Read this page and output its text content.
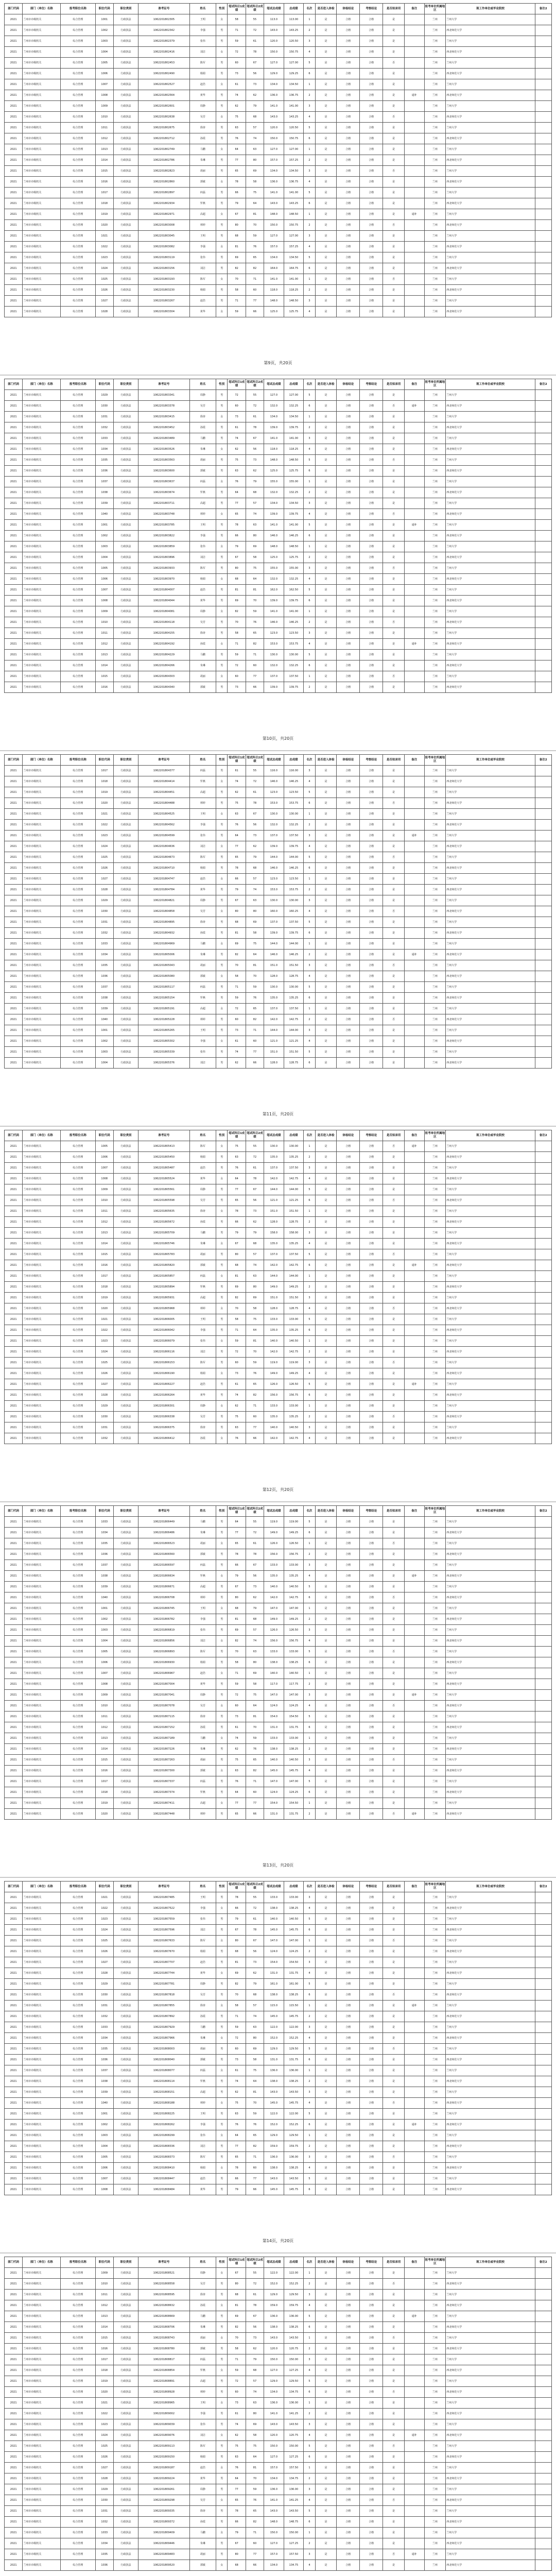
部门代码	部门（单位）名称	报考职位名称	职位代码	职位类别	准考证号	姓名	性别	笔试科目1成绩	笔试科目2成绩	笔试总成绩	总成绩	名次	是否进入体检	体检结论	考察结论	是否拟录用	备注	报考单位所属地区	现工作单位或毕业院校	备注2
2021	兰州市市级机关	综合管理	1001	行政执法	1062201802305	王明	女	58	55	113.0	113.00	1	是	合格	合格	是		兰州	兰州大学	
2021	兰州市市级机关	综合管理	1002	行政执法	1062201802342	李强	男	71	72	143.0	143.25	2	是	合格	合格	是		兰州	西北师范大学	
2021	兰州市市级机关	综合管理	1003	行政执法	1062201802379	张伟	男	59	61	120.0	120.50	3	是	合格	合格	是		兰州	兰州大学	
2021	兰州市市级机关	综合管理	1004	行政执法	1062201802416	刘洁	女	72	78	150.0	150.75	4	是	合格	合格	是		兰州	西北师范大学	
2021	兰州市市级机关	综合管理	1005	行政执法	1062201802453	陈军	男	60	67	127.0	127.00	5	是	合格	合格	否		兰州	兰州大学	
2021	兰州市市级机关	综合管理	1006	行政执法	1062201802490	杨娟	男	73	56	129.0	129.25	6	是	合格	合格	是		兰州	西北师范大学	
2021	兰州市市级机关	综合管理	1007	行政执法	1062201802527	赵浩	女	61	73	134.0	134.50	1	是	合格	合格	是		兰州	兰州大学	
2021	兰州市市级机关	综合管理	1008	行政执法	1062201802564	黄华	男	74	62	136.0	136.75	2	是	合格	合格	是	递补	兰州	西北师范大学	
2021	兰州市市级机关	综合管理	1009	行政执法	1062201802601	周静	男	62	79	141.0	141.00	3	是	合格	合格	是		兰州	兰州大学	
2021	兰州市市级机关	综合管理	1010	行政执法	1062201802638	吴芳	女	75	68	143.0	143.25	4	是	合格	合格	否		兰州	西北师范大学	
2021	兰州市市级机关	综合管理	1011	行政执法	1062201802675	徐涛	男	63	57	120.0	120.50	5	是	合格	合格	是		兰州	兰州大学	
2021	兰州市市级机关	综合管理	1012	行政执法	1062201802712	孙霞	男	76	74	150.0	150.75	6	是	合格	合格	是		兰州	西北师范大学	
2021	兰州市市级机关	综合管理	1013	行政执法	1062201802749	马鹏	女	64	63	127.0	127.00	1	是	合格	合格	是		兰州	兰州大学	
2021	兰州市市级机关	综合管理	1014	行政执法	1062201802786	朱琳	男	77	80	157.0	157.25	2	是	合格	合格	是		兰州	西北师范大学	
2021	兰州市市级机关	综合管理	1015	行政执法	1062201802823	胡丽	男	65	69	134.0	134.50	3	是	合格	合格	否		兰州	兰州大学	
2021	兰州市市级机关	综合管理	1016	行政执法	1062201802860	郭敏	女	78	58	136.0	136.75	4	是	合格	合格	是		兰州	西北师范大学	
2021	兰州市市级机关	综合管理	1017	行政执法	1062201802897	何磊	男	66	75	141.0	141.00	5	是	合格	合格	是		兰州	兰州大学	
2021	兰州市市级机关	综合管理	1018	行政执法	1062201802934	罗燕	男	79	64	143.0	143.25	6	是	合格	合格	是		兰州	西北师范大学	
2021	兰州市市级机关	综合管理	1019	行政执法	1062201802971	高超	女	67	81	148.0	148.50	1	是	合格	合格	是	递补	兰州	兰州大学	
2021	兰州市市级机关	综合管理	1020	行政执法	1062201803008	林婷	男	80	70	150.0	150.75	2	是	合格	合格	否		兰州	西北师范大学	
2021	兰州市市级机关	综合管理	1021	行政执法	1062201803045	王明	男	68	59	127.0	127.00	3	是	合格	合格	是		兰州	兰州大学	
2021	兰州市市级机关	综合管理	1022	行政执法	1062201803082	李强	女	81	76	157.0	157.25	4	是	合格	合格	是		兰州	西北师范大学	
2021	兰州市市级机关	综合管理	1023	行政执法	1062201803119	张伟	男	69	65	134.0	134.50	5	是	合格	合格	是		兰州	兰州大学	
2021	兰州市市级机关	综合管理	1024	行政执法	1062201803156	刘洁	男	82	82	164.0	164.75	6	是	合格	合格	是		兰州	西北师范大学	
2021	兰州市市级机关	综合管理	1025	行政执法	1062201803193	陈军	女	70	71	141.0	141.00	1	是	合格	合格	否		兰州	兰州大学	
2021	兰州市市级机关	综合管理	1026	行政执法	1062201803230	杨娟	男	58	60	118.0	118.25	2	是	合格	合格	是		兰州	西北师范大学	
2021	兰州市市级机关	综合管理	1027	行政执法	1062201803267	赵浩	男	71	77	148.0	148.50	3	是	合格	合格	是		兰州	兰州大学	
2021	兰州市市级机关	综合管理	1028	行政执法	1062201803304	黄华	女	59	66	125.0	125.75	4	是	合格	合格	是		兰州	西北师范大学	
第9页，共20页
部门代码	部门（单位）名称	报考职位名称	职位代码	职位类别	准考证号	姓名	性别	笔试科目1成绩	笔试科目2成绩	笔试总成绩	总成绩	名次	是否进入体检	体检结论	考察结论	是否拟录用	备注	报考单位所属地区	现工作单位或毕业院校	备注2
2021	兰州市市级机关	综合管理	1029	行政执法	1062201803341	周静	男	72	55	127.0	127.00	5	是	合格	合格	是		兰州	兰州大学	
2021	兰州市市级机关	综合管理	1030	行政执法	1062201803378	吴芳	男	60	72	132.0	132.25	6	是	合格	合格	否	递补	兰州	西北师范大学	
2021	兰州市市级机关	综合管理	1031	行政执法	1062201803415	徐涛	女	73	61	134.0	134.50	1	是	合格	合格	是		兰州	兰州大学	
2021	兰州市市级机关	综合管理	1032	行政执法	1062201803452	孙霞	男	61	78	139.0	139.75	2	是	合格	合格	是		兰州	西北师范大学	
2021	兰州市市级机关	综合管理	1033	行政执法	1062201803489	马鹏	男	74	67	141.0	141.00	3	是	合格	合格	是		兰州	兰州大学	
2021	兰州市市级机关	综合管理	1034	行政执法	1062201803526	朱琳	女	62	56	118.0	118.25	4	是	合格	合格	是		兰州	西北师范大学	
2021	兰州市市级机关	综合管理	1035	行政执法	1062201803563	胡丽	男	75	73	148.0	148.50	5	是	合格	合格	否		兰州	兰州大学	
2021	兰州市市级机关	综合管理	1036	行政执法	1062201803600	郭敏	男	63	62	125.0	125.75	6	是	合格	合格	是		兰州	西北师范大学	
2021	兰州市市级机关	综合管理	1037	行政执法	1062201803637	何磊	女	76	79	155.0	155.00	1	是	合格	合格	是		兰州	兰州大学	
2021	兰州市市级机关	综合管理	1038	行政执法	1062201803674	罗燕	男	64	68	132.0	132.25	2	是	合格	合格	是		兰州	西北师范大学	
2021	兰州市市级机关	综合管理	1039	行政执法	1062201803711	高超	男	77	57	134.0	134.50	3	是	合格	合格	是		兰州	兰州大学	
2021	兰州市市级机关	综合管理	1040	行政执法	1062201803748	林婷	女	65	74	139.0	139.75	4	是	合格	合格	否		兰州	西北师范大学	
2021	兰州市市级机关	综合管理	1001	行政执法	1062201803785	王明	男	78	63	141.0	141.00	5	是	合格	合格	是	递补	兰州	兰州大学	
2021	兰州市市级机关	综合管理	1002	行政执法	1062201803822	李强	男	66	80	146.0	146.25	6	是	合格	合格	是		兰州	西北师范大学	
2021	兰州市市级机关	综合管理	1003	行政执法	1062201803859	张伟	女	79	69	148.0	148.50	1	是	合格	合格	是		兰州	兰州大学	
2021	兰州市市级机关	综合管理	1004	行政执法	1062201803896	刘洁	男	67	58	125.0	125.75	2	是	合格	合格	是		兰州	西北师范大学	
2021	兰州市市级机关	综合管理	1005	行政执法	1062201803933	陈军	男	80	75	155.0	155.00	3	是	合格	合格	否		兰州	兰州大学	
2021	兰州市市级机关	综合管理	1006	行政执法	1062201803970	杨娟	女	68	64	132.0	132.25	4	是	合格	合格	是		兰州	西北师范大学	
2021	兰州市市级机关	综合管理	1007	行政执法	1062201804007	赵浩	男	81	81	162.0	162.50	5	是	合格	合格	是		兰州	兰州大学	
2021	兰州市市级机关	综合管理	1008	行政执法	1062201804044	黄华	男	69	70	139.0	139.75	6	是	合格	合格	是		兰州	西北师范大学	
2021	兰州市市级机关	综合管理	1009	行政执法	1062201804081	周静	女	82	59	141.0	141.00	1	是	合格	合格	是		兰州	兰州大学	
2021	兰州市市级机关	综合管理	1010	行政执法	1062201804118	吴芳	男	70	76	146.0	146.25	2	是	合格	合格	否		兰州	西北师范大学	
2021	兰州市市级机关	综合管理	1011	行政执法	1062201804155	徐涛	男	58	65	123.0	123.50	3	是	合格	合格	是		兰州	兰州大学	
2021	兰州市市级机关	综合管理	1012	行政执法	1062201804192	孙霞	女	71	82	153.0	153.75	4	是	合格	合格	是	递补	兰州	西北师范大学	
2021	兰州市市级机关	综合管理	1013	行政执法	1062201804229	马鹏	男	59	71	130.0	130.00	5	是	合格	合格	是		兰州	兰州大学	
2021	兰州市市级机关	综合管理	1014	行政执法	1062201804266	朱琳	男	72	60	132.0	132.25	6	是	合格	合格	是		兰州	西北师范大学	
2021	兰州市市级机关	综合管理	1015	行政执法	1062201804303	胡丽	女	60	77	137.0	137.50	1	是	合格	合格	否		兰州	兰州大学	
2021	兰州市市级机关	综合管理	1016	行政执法	1062201804340	郭敏	男	73	66	139.0	139.75	2	是	合格	合格	是		兰州	西北师范大学	
第10页，共20页
部门代码	部门（单位）名称	报考职位名称	职位代码	职位类别	准考证号	姓名	性别	笔试科目1成绩	笔试科目2成绩	笔试总成绩	总成绩	名次	是否进入体检	体检结论	考察结论	是否拟录用	备注	报考单位所属地区	现工作单位或毕业院校	备注2
2021	兰州市市级机关	综合管理	1017	行政执法	1062201804377	何磊	男	61	55	116.0	116.00	3	是	合格	合格	是		兰州	兰州大学	
2021	兰州市市级机关	综合管理	1018	行政执法	1062201804414	罗燕	女	74	72	146.0	146.25	4	是	合格	合格	是		兰州	西北师范大学	
2021	兰州市市级机关	综合管理	1019	行政执法	1062201804451	高超	男	62	61	123.0	123.50	5	是	合格	合格	是		兰州	兰州大学	
2021	兰州市市级机关	综合管理	1020	行政执法	1062201804488	林婷	男	75	78	153.0	153.75	6	是	合格	合格	否		兰州	西北师范大学	
2021	兰州市市级机关	综合管理	1021	行政执法	1062201804525	王明	女	63	67	130.0	130.00	1	是	合格	合格	是		兰州	兰州大学	
2021	兰州市市级机关	综合管理	1022	行政执法	1062201804562	李强	男	76	56	132.0	132.25	2	是	合格	合格	是		兰州	西北师范大学	
2021	兰州市市级机关	综合管理	1023	行政执法	1062201804599	张伟	男	64	73	137.0	137.50	3	是	合格	合格	是	递补	兰州	兰州大学	
2021	兰州市市级机关	综合管理	1024	行政执法	1062201804636	刘洁	女	77	62	139.0	139.75	4	是	合格	合格	是		兰州	西北师范大学	
2021	兰州市市级机关	综合管理	1025	行政执法	1062201804673	陈军	男	65	79	144.0	144.00	5	是	合格	合格	否		兰州	兰州大学	
2021	兰州市市级机关	综合管理	1026	行政执法	1062201804710	杨娟	男	78	68	146.0	146.25	6	是	合格	合格	是		兰州	西北师范大学	
2021	兰州市市级机关	综合管理	1027	行政执法	1062201804747	赵浩	女	66	57	123.0	123.50	1	是	合格	合格	是		兰州	兰州大学	
2021	兰州市市级机关	综合管理	1028	行政执法	1062201804784	黄华	男	79	74	153.0	153.75	2	是	合格	合格	是		兰州	西北师范大学	
2021	兰州市市级机关	综合管理	1029	行政执法	1062201804821	周静	男	67	63	130.0	130.00	3	是	合格	合格	是		兰州	兰州大学	
2021	兰州市市级机关	综合管理	1030	行政执法	1062201804858	吴芳	女	80	80	160.0	160.25	4	是	合格	合格	否		兰州	西北师范大学	
2021	兰州市市级机关	综合管理	1031	行政执法	1062201804895	徐涛	男	68	69	137.0	137.50	5	是	合格	合格	是		兰州	兰州大学	
2021	兰州市市级机关	综合管理	1032	行政执法	1062201804932	孙霞	男	81	58	139.0	139.75	6	是	合格	合格	是		兰州	西北师范大学	
2021	兰州市市级机关	综合管理	1033	行政执法	1062201804969	马鹏	女	69	75	144.0	144.00	1	是	合格	合格	是		兰州	兰州大学	
2021	兰州市市级机关	综合管理	1034	行政执法	1062201805006	朱琳	男	82	64	146.0	146.25	2	是	合格	合格	是	递补	兰州	西北师范大学	
2021	兰州市市级机关	综合管理	1035	行政执法	1062201805043	胡丽	男	70	81	151.0	151.50	3	是	合格	合格	否		兰州	兰州大学	
2021	兰州市市级机关	综合管理	1036	行政执法	1062201805080	郭敏	女	58	70	128.0	128.75	4	是	合格	合格	是		兰州	西北师范大学	
2021	兰州市市级机关	综合管理	1037	行政执法	1062201805117	何磊	男	71	59	130.0	130.00	5	是	合格	合格	是		兰州	兰州大学	
2021	兰州市市级机关	综合管理	1038	行政执法	1062201805154	罗燕	男	59	76	135.0	135.25	6	是	合格	合格	是		兰州	西北师范大学	
2021	兰州市市级机关	综合管理	1039	行政执法	1062201805191	高超	女	72	65	137.0	137.50	1	是	合格	合格	是		兰州	兰州大学	
2021	兰州市市级机关	综合管理	1040	行政执法	1062201805228	林婷	男	60	82	142.0	142.75	2	是	合格	合格	否		兰州	西北师范大学	
2021	兰州市市级机关	综合管理	1001	行政执法	1062201805265	王明	男	73	71	144.0	144.00	3	是	合格	合格	是		兰州	兰州大学	
2021	兰州市市级机关	综合管理	1002	行政执法	1062201805302	李强	女	61	60	121.0	121.25	4	是	合格	合格	是		兰州	西北师范大学	
2021	兰州市市级机关	综合管理	1003	行政执法	1062201805339	张伟	男	74	77	151.0	151.50	5	是	合格	合格	是		兰州	兰州大学	
2021	兰州市市级机关	综合管理	1004	行政执法	1062201805376	刘洁	男	62	66	128.0	128.75	6	是	合格	合格	是		兰州	西北师范大学	
第11页，共20页
部门代码	部门（单位）名称	报考职位名称	职位代码	职位类别	准考证号	姓名	性别	笔试科目1成绩	笔试科目2成绩	笔试总成绩	总成绩	名次	是否进入体检	体检结论	考察结论	是否拟录用	备注	报考单位所属地区	现工作单位或毕业院校	备注2
2021	兰州市市级机关	综合管理	1005	行政执法	1062201805413	陈军	女	75	55	130.0	130.00	1	是	合格	合格	否	递补	兰州	兰州大学	
2021	兰州市市级机关	综合管理	1006	行政执法	1062201805450	杨娟	男	63	72	135.0	135.25	2	是	合格	合格	是		兰州	西北师范大学	
2021	兰州市市级机关	综合管理	1007	行政执法	1062201805487	赵浩	男	76	61	137.0	137.50	3	是	合格	合格	是		兰州	兰州大学	
2021	兰州市市级机关	综合管理	1008	行政执法	1062201805524	黄华	女	64	78	142.0	142.75	4	是	合格	合格	是		兰州	西北师范大学	
2021	兰州市市级机关	综合管理	1009	行政执法	1062201805561	周静	男	77	67	144.0	144.00	5	是	合格	合格	是		兰州	兰州大学	
2021	兰州市市级机关	综合管理	1010	行政执法	1062201805598	吴芳	男	65	56	121.0	121.25	6	是	合格	合格	否		兰州	西北师范大学	
2021	兰州市市级机关	综合管理	1011	行政执法	1062201805635	徐涛	女	78	73	151.0	151.50	1	是	合格	合格	是		兰州	兰州大学	
2021	兰州市市级机关	综合管理	1012	行政执法	1062201805672	孙霞	男	66	62	128.0	128.75	2	是	合格	合格	是		兰州	西北师范大学	
2021	兰州市市级机关	综合管理	1013	行政执法	1062201805709	马鹏	男	79	79	158.0	158.00	3	是	合格	合格	是		兰州	兰州大学	
2021	兰州市市级机关	综合管理	1014	行政执法	1062201805746	朱琳	女	67	68	135.0	135.25	4	是	合格	合格	是		兰州	西北师范大学	
2021	兰州市市级机关	综合管理	1015	行政执法	1062201805783	胡丽	男	80	57	137.0	137.50	5	是	合格	合格	否		兰州	兰州大学	
2021	兰州市市级机关	综合管理	1016	行政执法	1062201805820	郭敏	男	68	74	142.0	142.75	6	是	合格	合格	是	递补	兰州	西北师范大学	
2021	兰州市市级机关	综合管理	1017	行政执法	1062201805857	何磊	女	81	63	144.0	144.00	1	是	合格	合格	是		兰州	兰州大学	
2021	兰州市市级机关	综合管理	1018	行政执法	1062201805894	罗燕	男	69	80	149.0	149.25	2	是	合格	合格	是		兰州	西北师范大学	
2021	兰州市市级机关	综合管理	1019	行政执法	1062201805931	高超	男	82	69	151.0	151.50	3	是	合格	合格	是		兰州	兰州大学	
2021	兰州市市级机关	综合管理	1020	行政执法	1062201805968	林婷	女	70	58	128.0	128.75	4	是	合格	合格	否		兰州	西北师范大学	
2021	兰州市市级机关	综合管理	1021	行政执法	1062201806005	王明	男	58	75	133.0	133.00	5	是	合格	合格	是		兰州	兰州大学	
2021	兰州市市级机关	综合管理	1022	行政执法	1062201806042	李强	男	71	64	135.0	135.25	6	是	合格	合格	是		兰州	西北师范大学	
2021	兰州市市级机关	综合管理	1023	行政执法	1062201806079	张伟	女	59	81	140.0	140.50	1	是	合格	合格	是		兰州	兰州大学	
2021	兰州市市级机关	综合管理	1024	行政执法	1062201806116	刘洁	男	72	70	142.0	142.75	2	是	合格	合格	是		兰州	西北师范大学	
2021	兰州市市级机关	综合管理	1025	行政执法	1062201806153	陈军	男	60	59	119.0	119.00	3	是	合格	合格	否		兰州	兰州大学	
2021	兰州市市级机关	综合管理	1026	行政执法	1062201806190	杨娟	女	73	76	149.0	149.25	4	是	合格	合格	是		兰州	西北师范大学	
2021	兰州市市级机关	综合管理	1027	行政执法	1062201806227	赵浩	男	61	65	126.0	126.50	5	是	合格	合格	是	递补	兰州	兰州大学	
2021	兰州市市级机关	综合管理	1028	行政执法	1062201806264	黄华	男	74	82	156.0	156.75	6	是	合格	合格	是		兰州	西北师范大学	
2021	兰州市市级机关	综合管理	1029	行政执法	1062201806301	周静	女	62	71	133.0	133.00	1	是	合格	合格	是		兰州	兰州大学	
2021	兰州市市级机关	综合管理	1030	行政执法	1062201806338	吴芳	男	75	60	135.0	135.25	2	是	合格	合格	否		兰州	西北师范大学	
2021	兰州市市级机关	综合管理	1031	行政执法	1062201806375	徐涛	男	63	77	140.0	140.50	3	是	合格	合格	是		兰州	兰州大学	
2021	兰州市市级机关	综合管理	1032	行政执法	1062201806412	孙霞	女	76	66	142.0	142.75	4	是	合格	合格	是		兰州	西北师范大学	
第12页，共20页
部门代码	部门（单位）名称	报考职位名称	职位代码	职位类别	准考证号	姓名	性别	笔试科目1成绩	笔试科目2成绩	笔试总成绩	总成绩	名次	是否进入体检	体检结论	考察结论	是否拟录用	备注	报考单位所属地区	现工作单位或毕业院校	备注2
2021	兰州市市级机关	综合管理	1033	行政执法	1062201806449	马鹏	男	64	55	119.0	119.00	5	是	合格	合格	是		兰州	兰州大学	
2021	兰州市市级机关	综合管理	1034	行政执法	1062201806486	朱琳	男	77	72	149.0	149.25	6	是	合格	合格	是		兰州	西北师范大学	
2021	兰州市市级机关	综合管理	1035	行政执法	1062201806523	胡丽	女	65	61	126.0	126.50	1	是	合格	合格	否		兰州	兰州大学	
2021	兰州市市级机关	综合管理	1036	行政执法	1062201806560	郭敏	男	78	78	156.0	156.75	2	是	合格	合格	是		兰州	西北师范大学	
2021	兰州市市级机关	综合管理	1037	行政执法	1062201806597	何磊	男	66	67	133.0	133.00	3	是	合格	合格	是		兰州	兰州大学	
2021	兰州市市级机关	综合管理	1038	行政执法	1062201806634	罗燕	女	79	56	135.0	135.25	4	是	合格	合格	是	递补	兰州	西北师范大学	
2021	兰州市市级机关	综合管理	1039	行政执法	1062201806671	高超	男	67	73	140.0	140.50	5	是	合格	合格	是		兰州	兰州大学	
2021	兰州市市级机关	综合管理	1040	行政执法	1062201806708	林婷	男	80	62	142.0	142.75	6	是	合格	合格	否		兰州	西北师范大学	
2021	兰州市市级机关	综合管理	1001	行政执法	1062201806745	王明	女	68	79	147.0	147.00	1	是	合格	合格	是		兰州	兰州大学	
2021	兰州市市级机关	综合管理	1002	行政执法	1062201806782	李强	男	81	68	149.0	149.25	2	是	合格	合格	是		兰州	西北师范大学	
2021	兰州市市级机关	综合管理	1003	行政执法	1062201806819	张伟	男	69	57	126.0	126.50	3	是	合格	合格	是		兰州	兰州大学	
2021	兰州市市级机关	综合管理	1004	行政执法	1062201806856	刘洁	女	82	74	156.0	156.75	4	是	合格	合格	是		兰州	西北师范大学	
2021	兰州市市级机关	综合管理	1005	行政执法	1062201806893	陈军	男	70	63	133.0	133.00	5	是	合格	合格	否		兰州	兰州大学	
2021	兰州市市级机关	综合管理	1006	行政执法	1062201806930	杨娟	男	58	80	138.0	138.25	6	是	合格	合格	是		兰州	西北师范大学	
2021	兰州市市级机关	综合管理	1007	行政执法	1062201806967	赵浩	女	71	69	140.0	140.50	1	是	合格	合格	是		兰州	兰州大学	
2021	兰州市市级机关	综合管理	1008	行政执法	1062201807004	黄华	男	59	58	117.0	117.75	2	是	合格	合格	是		兰州	西北师范大学	
2021	兰州市市级机关	综合管理	1009	行政执法	1062201807041	周静	男	72	75	147.0	147.00	3	是	合格	合格	是	递补	兰州	兰州大学	
2021	兰州市市级机关	综合管理	1010	行政执法	1062201807078	吴芳	女	60	64	124.0	124.25	4	是	合格	合格	否		兰州	西北师范大学	
2021	兰州市市级机关	综合管理	1011	行政执法	1062201807115	徐涛	男	73	81	154.0	154.50	5	是	合格	合格	是		兰州	兰州大学	
2021	兰州市市级机关	综合管理	1012	行政执法	1062201807152	孙霞	男	61	70	131.0	131.75	6	是	合格	合格	是		兰州	西北师范大学	
2021	兰州市市级机关	综合管理	1013	行政执法	1062201807189	马鹏	女	74	59	133.0	133.00	1	是	合格	合格	是		兰州	兰州大学	
2021	兰州市市级机关	综合管理	1014	行政执法	1062201807226	朱琳	男	62	76	138.0	138.25	2	是	合格	合格	是		兰州	西北师范大学	
2021	兰州市市级机关	综合管理	1015	行政执法	1062201807263	胡丽	男	75	65	140.0	140.50	3	是	合格	合格	否		兰州	兰州大学	
2021	兰州市市级机关	综合管理	1016	行政执法	1062201807300	郭敏	女	63	82	145.0	145.75	4	是	合格	合格	是		兰州	西北师范大学	
2021	兰州市市级机关	综合管理	1017	行政执法	1062201807337	何磊	男	76	71	147.0	147.00	5	是	合格	合格	是		兰州	兰州大学	
2021	兰州市市级机关	综合管理	1018	行政执法	1062201807374	罗燕	男	64	60	124.0	124.25	6	是	合格	合格	是		兰州	西北师范大学	
2021	兰州市市级机关	综合管理	1019	行政执法	1062201807411	高超	女	77	77	154.0	154.50	1	是	合格	合格	是		兰州	兰州大学	
2021	兰州市市级机关	综合管理	1020	行政执法	1062201807448	林婷	男	65	66	131.0	131.75	2	是	合格	合格	否	递补	兰州	西北师范大学	
第13页，共20页
部门代码	部门（单位）名称	报考职位名称	职位代码	职位类别	准考证号	姓名	性别	笔试科目1成绩	笔试科目2成绩	笔试总成绩	总成绩	名次	是否进入体检	体检结论	考察结论	是否拟录用	备注	报考单位所属地区	现工作单位或毕业院校	备注2
2021	兰州市市级机关	综合管理	1021	行政执法	1062201807485	王明	男	78	55	133.0	133.00	3	是	合格	合格	是		兰州	兰州大学	
2021	兰州市市级机关	综合管理	1022	行政执法	1062201807522	李强	女	66	72	138.0	138.25	4	是	合格	合格	是		兰州	西北师范大学	
2021	兰州市市级机关	综合管理	1023	行政执法	1062201807559	张伟	男	79	61	140.0	140.50	5	是	合格	合格	是		兰州	兰州大学	
2021	兰州市市级机关	综合管理	1024	行政执法	1062201807596	刘洁	男	67	78	145.0	145.75	6	是	合格	合格	是		兰州	西北师范大学	
2021	兰州市市级机关	综合管理	1025	行政执法	1062201807633	陈军	女	80	67	147.0	147.00	1	是	合格	合格	否		兰州	兰州大学	
2021	兰州市市级机关	综合管理	1026	行政执法	1062201807670	杨娟	男	68	56	124.0	124.25	2	是	合格	合格	是		兰州	西北师范大学	
2021	兰州市市级机关	综合管理	1027	行政执法	1062201807707	赵浩	男	81	73	154.0	154.50	3	是	合格	合格	是		兰州	兰州大学	
2021	兰州市市级机关	综合管理	1028	行政执法	1062201807744	黄华	女	69	62	131.0	131.75	4	是	合格	合格	是		兰州	西北师范大学	
2021	兰州市市级机关	综合管理	1029	行政执法	1062201807781	周静	男	82	79	161.0	161.00	5	是	合格	合格	是		兰州	兰州大学	
2021	兰州市市级机关	综合管理	1030	行政执法	1062201807818	吴芳	男	70	68	138.0	138.25	6	是	合格	合格	否		兰州	西北师范大学	
2021	兰州市市级机关	综合管理	1031	行政执法	1062201807855	徐涛	女	58	57	115.0	115.50	1	是	合格	合格	是	递补	兰州	兰州大学	
2021	兰州市市级机关	综合管理	1032	行政执法	1062201807892	孙霞	男	71	74	145.0	145.75	2	是	合格	合格	是		兰州	西北师范大学	
2021	兰州市市级机关	综合管理	1033	行政执法	1062201807929	马鹏	男	59	63	122.0	122.00	3	是	合格	合格	是		兰州	兰州大学	
2021	兰州市市级机关	综合管理	1034	行政执法	1062201807966	朱琳	女	72	80	152.0	152.25	4	是	合格	合格	是		兰州	西北师范大学	
2021	兰州市市级机关	综合管理	1035	行政执法	1062201808003	胡丽	男	60	69	129.0	129.50	5	是	合格	合格	否		兰州	兰州大学	
2021	兰州市市级机关	综合管理	1036	行政执法	1062201808040	郭敏	男	73	58	131.0	131.75	6	是	合格	合格	是		兰州	西北师范大学	
2021	兰州市市级机关	综合管理	1037	行政执法	1062201808077	何磊	女	61	75	136.0	136.00	1	是	合格	合格	是		兰州	兰州大学	
2021	兰州市市级机关	综合管理	1038	行政执法	1062201808114	罗燕	男	74	64	138.0	138.25	2	是	合格	合格	是		兰州	西北师范大学	
2021	兰州市市级机关	综合管理	1039	行政执法	1062201808151	高超	男	62	81	143.0	143.50	3	是	合格	合格	是		兰州	兰州大学	
2021	兰州市市级机关	综合管理	1040	行政执法	1062201808188	林婷	女	75	70	145.0	145.75	4	是	合格	合格	否		兰州	西北师范大学	
2021	兰州市市级机关	综合管理	1001	行政执法	1062201808225	王明	男	63	59	122.0	122.00	5	是	合格	合格	是		兰州	兰州大学	
2021	兰州市市级机关	综合管理	1002	行政执法	1062201808262	李强	男	76	76	152.0	152.25	6	是	合格	合格	是	递补	兰州	西北师范大学	
2021	兰州市市级机关	综合管理	1003	行政执法	1062201808299	张伟	女	64	65	129.0	129.50	1	是	合格	合格	是		兰州	兰州大学	
2021	兰州市市级机关	综合管理	1004	行政执法	1062201808336	刘洁	男	77	82	159.0	159.75	2	是	合格	合格	是		兰州	西北师范大学	
2021	兰州市市级机关	综合管理	1005	行政执法	1062201808373	陈军	男	65	71	136.0	136.00	3	是	合格	合格	否		兰州	兰州大学	
2021	兰州市市级机关	综合管理	1006	行政执法	1062201808410	杨娟	女	78	60	138.0	138.25	4	是	合格	合格	是		兰州	西北师范大学	
2021	兰州市市级机关	综合管理	1007	行政执法	1062201808447	赵浩	男	66	77	143.0	143.50	5	是	合格	合格	是		兰州	兰州大学	
2021	兰州市市级机关	综合管理	1008	行政执法	1062201808484	黄华	男	79	66	145.0	145.75	6	是	合格	合格	是		兰州	西北师范大学	
第14页，共20页
部门代码	部门（单位）名称	报考职位名称	职位代码	职位类别	准考证号	姓名	性别	笔试科目1成绩	笔试科目2成绩	笔试总成绩	总成绩	名次	是否进入体检	体检结论	考察结论	是否拟录用	备注	报考单位所属地区	现工作单位或毕业院校	备注2
2021	兰州市市级机关	综合管理	1009	行政执法	1062201808521	周静	女	67	55	122.0	122.00	1	是	合格	合格	是		兰州	兰州大学	
2021	兰州市市级机关	综合管理	1010	行政执法	1062201808558	吴芳	男	80	72	152.0	152.25	2	是	合格	合格	否		兰州	西北师范大学	
2021	兰州市市级机关	综合管理	1011	行政执法	1062201808595	徐涛	男	68	61	129.0	129.50	3	是	合格	合格	是		兰州	兰州大学	
2021	兰州市市级机关	综合管理	1012	行政执法	1062201808632	孙霞	女	81	78	159.0	159.75	4	是	合格	合格	是		兰州	西北师范大学	
2021	兰州市市级机关	综合管理	1013	行政执法	1062201808669	马鹏	男	69	67	136.0	136.00	5	是	合格	合格	是	递补	兰州	兰州大学	
2021	兰州市市级机关	综合管理	1014	行政执法	1062201808706	朱琳	男	82	56	138.0	138.25	6	是	合格	合格	是		兰州	西北师范大学	
2021	兰州市市级机关	综合管理	1015	行政执法	1062201808743	胡丽	女	70	73	143.0	143.50	1	是	合格	合格	否		兰州	兰州大学	
2021	兰州市市级机关	综合管理	1016	行政执法	1062201808780	郭敏	男	58	62	120.0	120.75	2	是	合格	合格	是		兰州	西北师范大学	
2021	兰州市市级机关	综合管理	1017	行政执法	1062201808817	何磊	男	71	79	150.0	150.00	3	是	合格	合格	是		兰州	兰州大学	
2021	兰州市市级机关	综合管理	1018	行政执法	1062201808854	罗燕	女	59	68	127.0	127.25	4	是	合格	合格	是		兰州	西北师范大学	
2021	兰州市市级机关	综合管理	1019	行政执法	1062201808891	高超	男	72	57	129.0	129.50	5	是	合格	合格	是		兰州	兰州大学	
2021	兰州市市级机关	综合管理	1020	行政执法	1062201808928	林婷	男	60	74	134.0	134.75	6	是	合格	合格	否		兰州	西北师范大学	
2021	兰州市市级机关	综合管理	1021	行政执法	1062201808965	王明	女	73	63	136.0	136.00	1	是	合格	合格	是		兰州	兰州大学	
2021	兰州市市级机关	综合管理	1022	行政执法	1062201809002	李强	男	61	80	141.0	141.25	2	是	合格	合格	是		兰州	西北师范大学	
2021	兰州市市级机关	综合管理	1023	行政执法	1062201809039	张伟	男	74	69	143.0	143.50	3	是	合格	合格	是		兰州	兰州大学	
2021	兰州市市级机关	综合管理	1024	行政执法	1062201809076	刘洁	女	62	58	120.0	120.75	4	是	合格	合格	是	递补	兰州	西北师范大学	
2021	兰州市市级机关	综合管理	1025	行政执法	1062201809113	陈军	男	75	75	150.0	150.00	5	是	合格	合格	否		兰州	兰州大学	
2021	兰州市市级机关	综合管理	1026	行政执法	1062201809150	杨娟	男	63	64	127.0	127.25	6	是	合格	合格	是		兰州	西北师范大学	
2021	兰州市市级机关	综合管理	1027	行政执法	1062201809187	赵浩	女	76	81	157.0	157.50	1	是	合格	合格	是		兰州	兰州大学	
2021	兰州市市级机关	综合管理	1028	行政执法	1062201809224	黄华	男	64	70	134.0	134.75	2	是	合格	合格	是		兰州	西北师范大学	
2021	兰州市市级机关	综合管理	1029	行政执法	1062201809261	周静	男	77	59	136.0	136.00	3	是	合格	合格	是		兰州	兰州大学	
2021	兰州市市级机关	综合管理	1030	行政执法	1062201809298	吴芳	女	65	76	141.0	141.25	4	是	合格	合格	否		兰州	西北师范大学	
2021	兰州市市级机关	综合管理	1031	行政执法	1062201809335	徐涛	男	78	65	143.0	143.50	5	是	合格	合格	是		兰州	兰州大学	
2021	兰州市市级机关	综合管理	1032	行政执法	1062201809372	孙霞	男	66	82	148.0	148.75	6	是	合格	合格	是		兰州	西北师范大学	
2021	兰州市市级机关	综合管理	1033	行政执法	1062201809409	马鹏	女	79	71	150.0	150.00	1	是	合格	合格	是		兰州	兰州大学	
2021	兰州市市级机关	综合管理	1034	行政执法	1062201809446	朱琳	男	67	60	127.0	127.25	2	是	合格	合格	是		兰州	西北师范大学	
2021	兰州市市级机关	综合管理	1035	行政执法	1062201809483	胡丽	男	80	77	157.0	157.50	3	是	合格	合格	否	递补	兰州	兰州大学	
2021	兰州市市级机关	综合管理	1036	行政执法	1062201809520	郭敏	女	68	66	134.0	134.75	4	是	合格	合格	是		兰州	西北师范大学	
